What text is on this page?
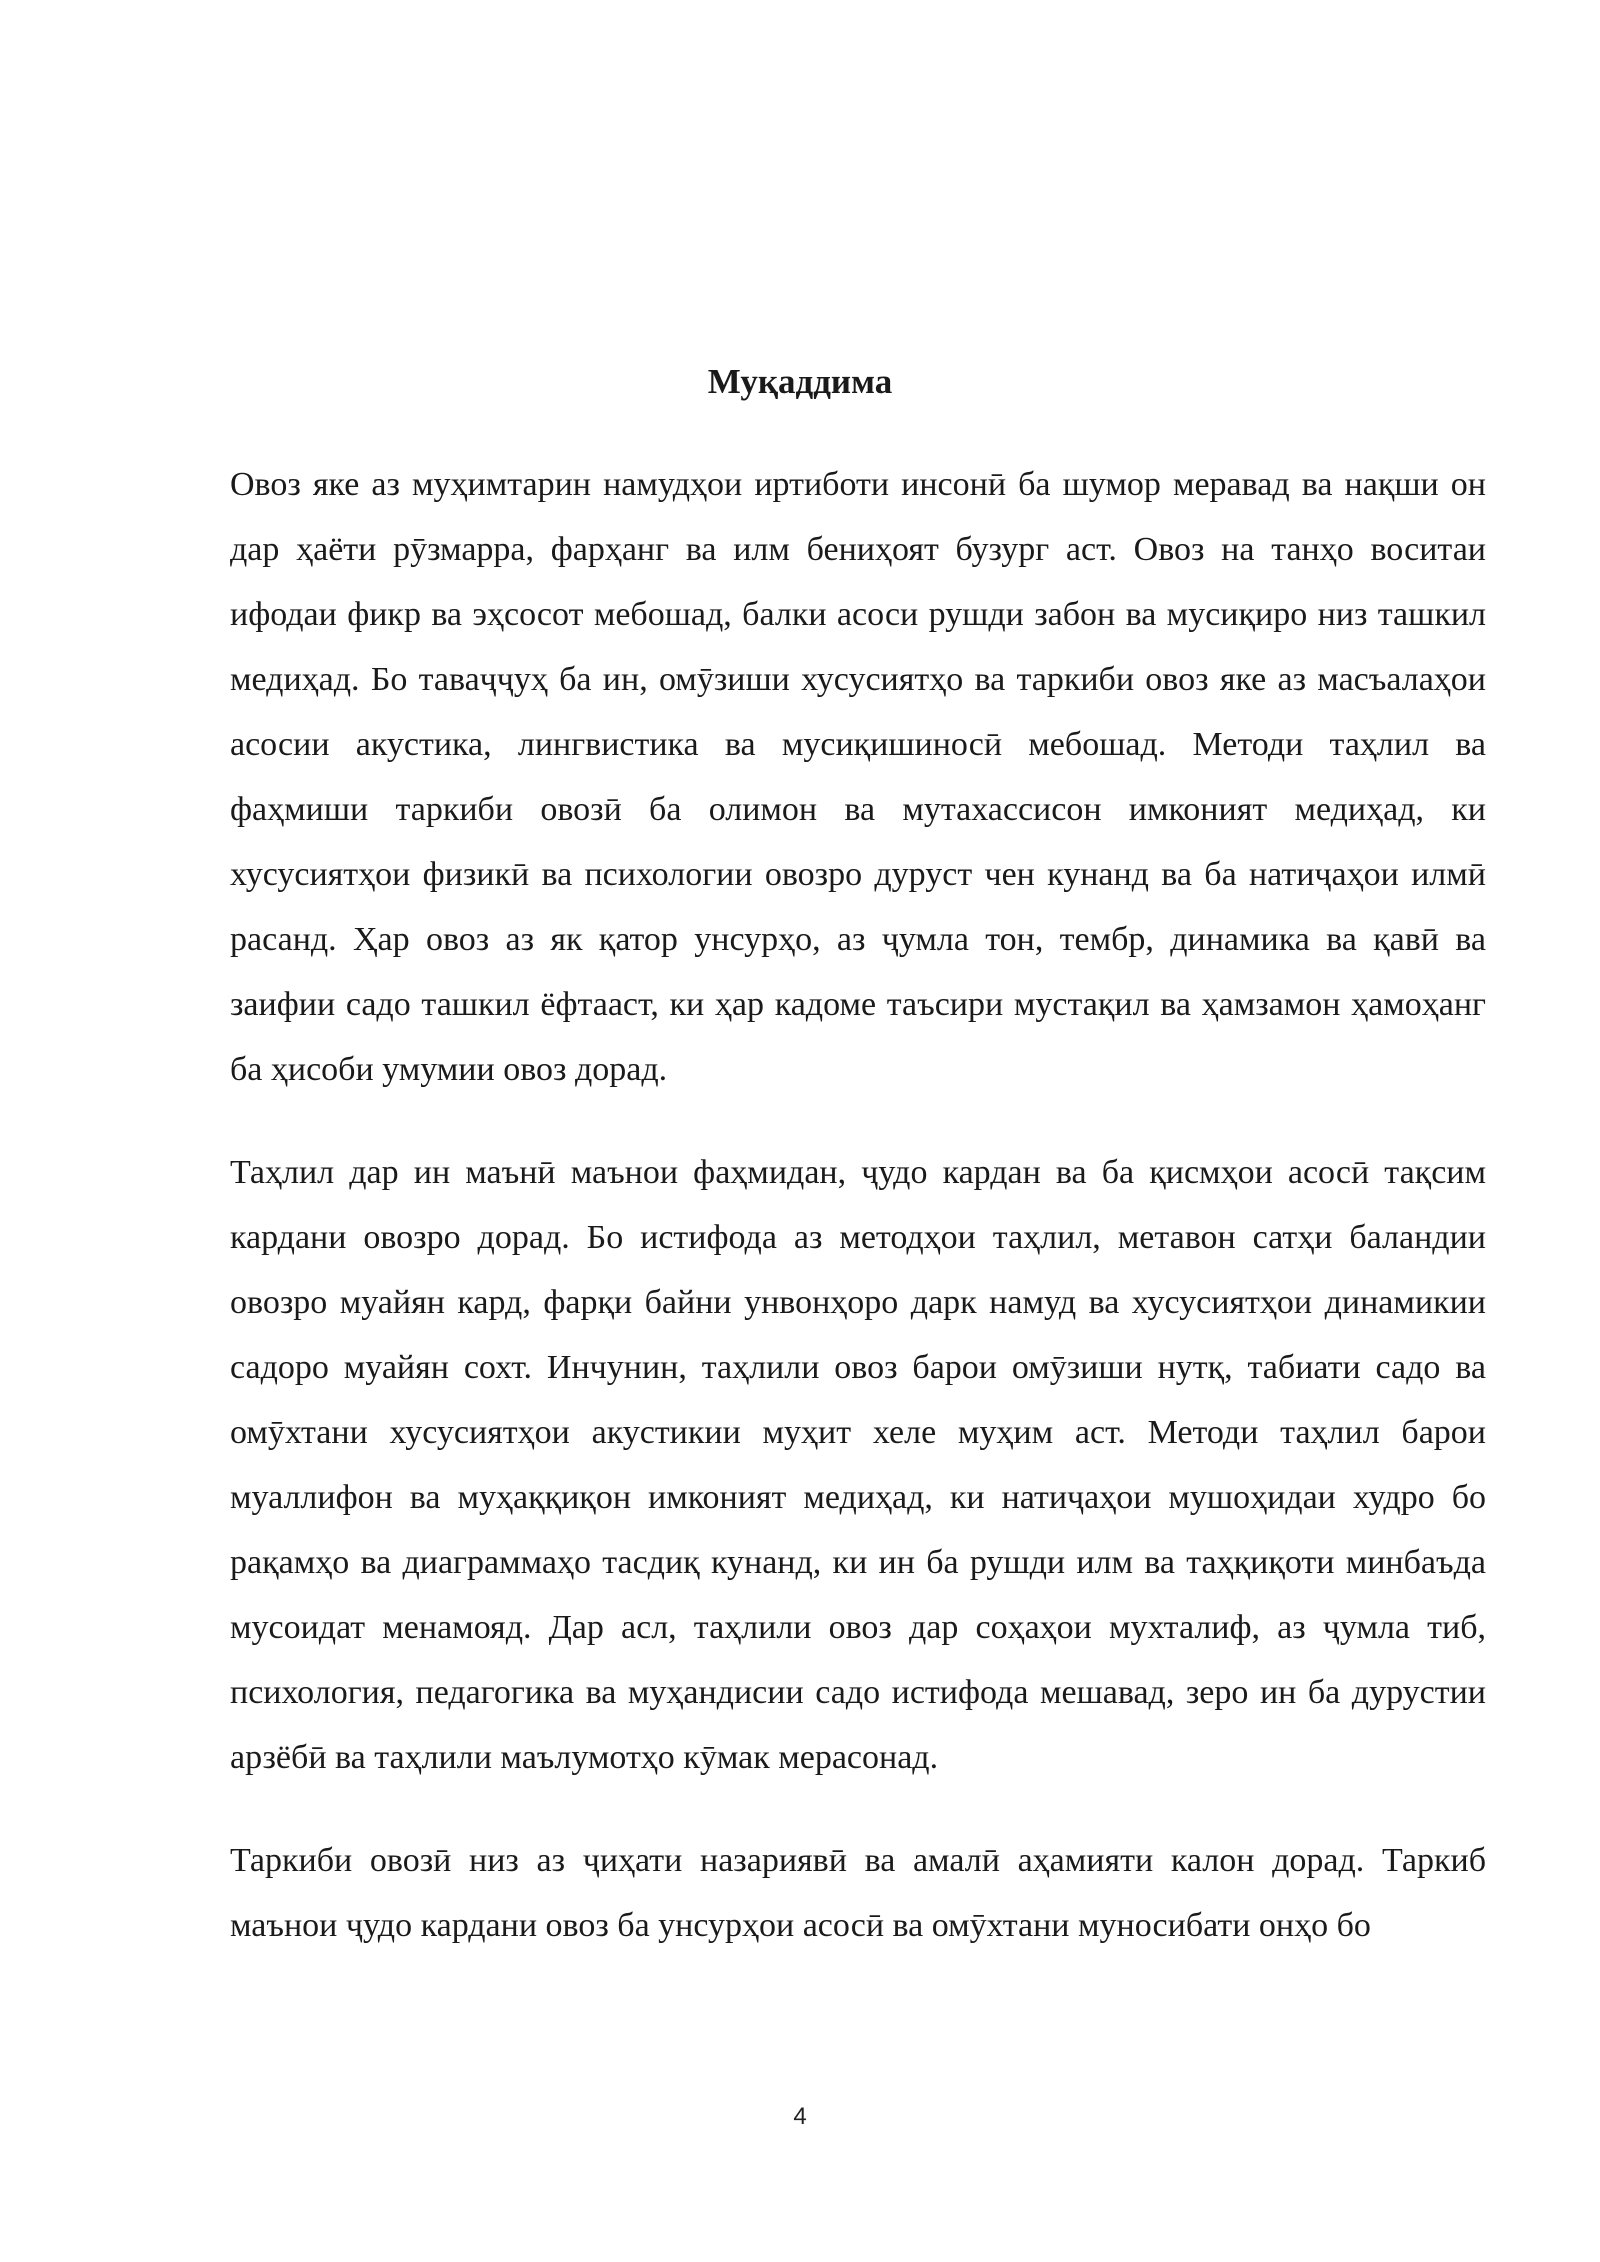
Муқаддима

Овоз яке аз муҳимтарин намудҳои иртиботи инсонӣ ба шумор меравад ва нақши он дар ҳаёти рӯзмарра, фарҳанг ва илм бениҳоят бузург аст. Овоз на танҳо воситаи ифодаи фикр ва эҳсосот мебошад, балки асоси рушди забон ва мусиқиро низ ташкил медиҳад. Бо таваҷҷуҳ ба ин, омӯзиши хусусиятҳо ва таркиби овоз яке аз масъалаҳои асосии акустика, лингвистика ва мусиқишиносӣ мебошад. Методи таҳлил ва фаҳмиши таркиби овозӣ ба олимон ва мутахассисон имконият медиҳад, ки хусусиятҳои физикӣ ва психологии овозро дуруст чен кунанд ва ба натиҷаҳои илмӣ расанд. Ҳар овоз аз як қатор унсурҳо, аз ҷумла тон, тембр, динамика ва қавӣ ва заифии садо ташкил ёфтааст, ки ҳар кадоме таъсири мустақил ва ҳамзамон ҳамоҳанг ба ҳисоби умумии овоз дорад.

Таҳлил дар ин маънӣ маънои фаҳмидан, ҷудо кардан ва ба қисмҳои асосӣ тақсим кардани овозро дорад. Бо истифода аз методҳои таҳлил, метавон сатҳи баландии овозро муайян кард, фарқи байни унвонҳоро дарк намуд ва хусусиятҳои динамикии садоро муайян сохт. Инчунин, таҳлили овоз барои омӯзиши нутқ, табиати садо ва омӯхтани хусусиятҳои акустикии муҳит хеле муҳим аст. Методи таҳлил барои муаллифон ва муҳаққиқон имконият медиҳад, ки натиҷаҳои мушоҳидаи худро бо рақамҳо ва диаграммаҳо тасдиқ кунанд, ки ин ба рушди илм ва таҳқиқоти минбаъда мусоидат менамояд. Дар асл, таҳлили овоз дар соҳаҳои мухталиф, аз ҷумла тиб, психология, педагогика ва муҳандисии садо истифода мешавад, зеро ин ба дурустии арзёбӣ ва таҳлили маълумотҳо кӯмак мерасонад.

Таркиби овозӣ низ аз ҷиҳати назариявӣ ва амалӣ аҳамияти калон дорад. Таркиб маънои ҷудо кардани овоз ба унсурҳои асосӣ ва омӯхтани муносибати онҳо бо

4
